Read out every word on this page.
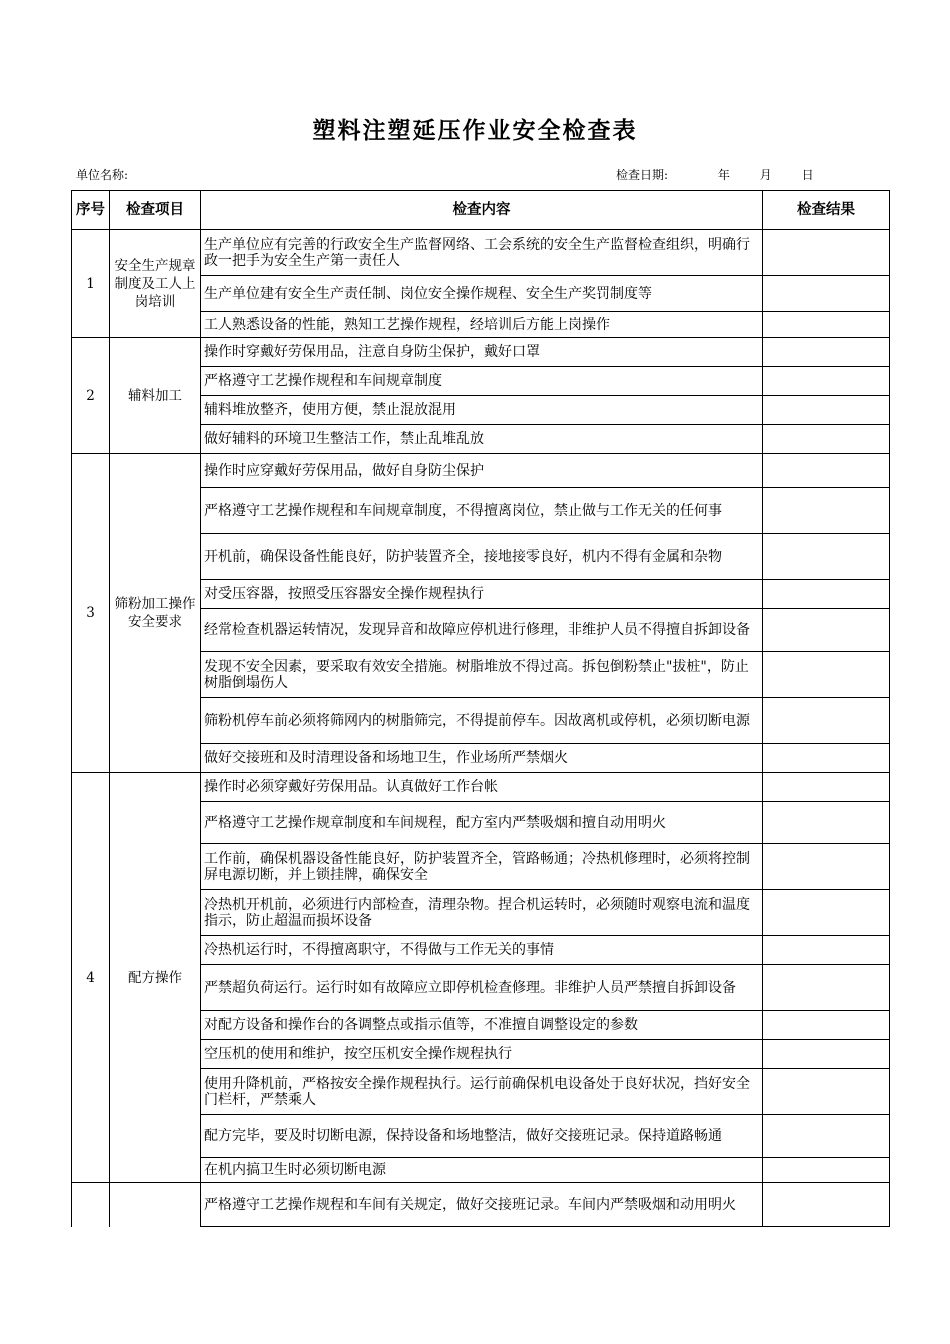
塑料注塑延压作业安全检查表
单位名称:	检查日期:	年 月 日
序号	检查项目	检查内容	检查结果
1	安全生产规章制度及工人上岗培训	生产单位应有完善的行政安全生产监督网络、工会系统的安全生产监督检查组织，明确行政一把手为安全生产第一责任人	
		生产单位建有安全生产责任制、岗位安全操作规程、安全生产奖罚制度等	
		工人熟悉设备的性能，熟知工艺操作规程，经培训后方能上岗操作	
2	辅料加工	操作时穿戴好劳保用品，注意自身防尘保护，戴好口罩	
		严格遵守工艺操作规程和车间规章制度	
		辅料堆放整齐，使用方便，禁止混放混用	
		做好辅料的环境卫生整洁工作，禁止乱堆乱放	
3	筛粉加工操作安全要求	操作时应穿戴好劳保用品，做好自身防尘保护	
		严格遵守工艺操作规程和车间规章制度，不得擅离岗位，禁止做与工作无关的任何事	
		开机前，确保设备性能良好，防护装置齐全，接地接零良好，机内不得有金属和杂物	
		对受压容器，按照受压容器安全操作规程执行	
		经常检查机器运转情况，发现异音和故障应停机进行修理，非维护人员不得擅自拆卸设备	
		发现不安全因素，要采取有效安全措施。树脂堆放不得过高。拆包倒粉禁止"拔桩"，防止树脂倒塌伤人	
		筛粉机停车前必须将筛网内的树脂筛完，不得提前停车。因故离机或停机，必须切断电源	
		做好交接班和及时清理设备和场地卫生，作业场所严禁烟火	
4	配方操作	操作时必须穿戴好劳保用品。认真做好工作台帐	
		严格遵守工艺操作规章制度和车间规程，配方室内严禁吸烟和擅自动用明火	
		工作前，确保机器设备性能良好，防护装置齐全，管路畅通；冷热机修理时，必须将控制屏电源切断，并上锁挂牌，确保安全	
		冷热机开机前，必须进行内部检查，清理杂物。捏合机运转时，必须随时观察电流和温度指示，防止超温而损坏设备	
		冷热机运行时，不得擅离职守，不得做与工作无关的事情	
		严禁超负荷运行。运行时如有故障应立即停机检查修理。非维护人员严禁擅自拆卸设备	
		对配方设备和操作台的各调整点或指示值等，不准擅自调整设定的参数	
		空压机的使用和维护，按空压机安全操作规程执行	
		使用升降机前，严格按安全操作规程执行。运行前确保机电设备处于良好状况，挡好安全门栏杆，严禁乘人	
		配方完毕，要及时切断电源，保持设备和场地整洁，做好交接班记录。保持道路畅通	
		在机内搞卫生时必须切断电源	
		严格遵守工艺操作规程和车间有关规定，做好交接班记录。车间内严禁吸烟和动用明火	
